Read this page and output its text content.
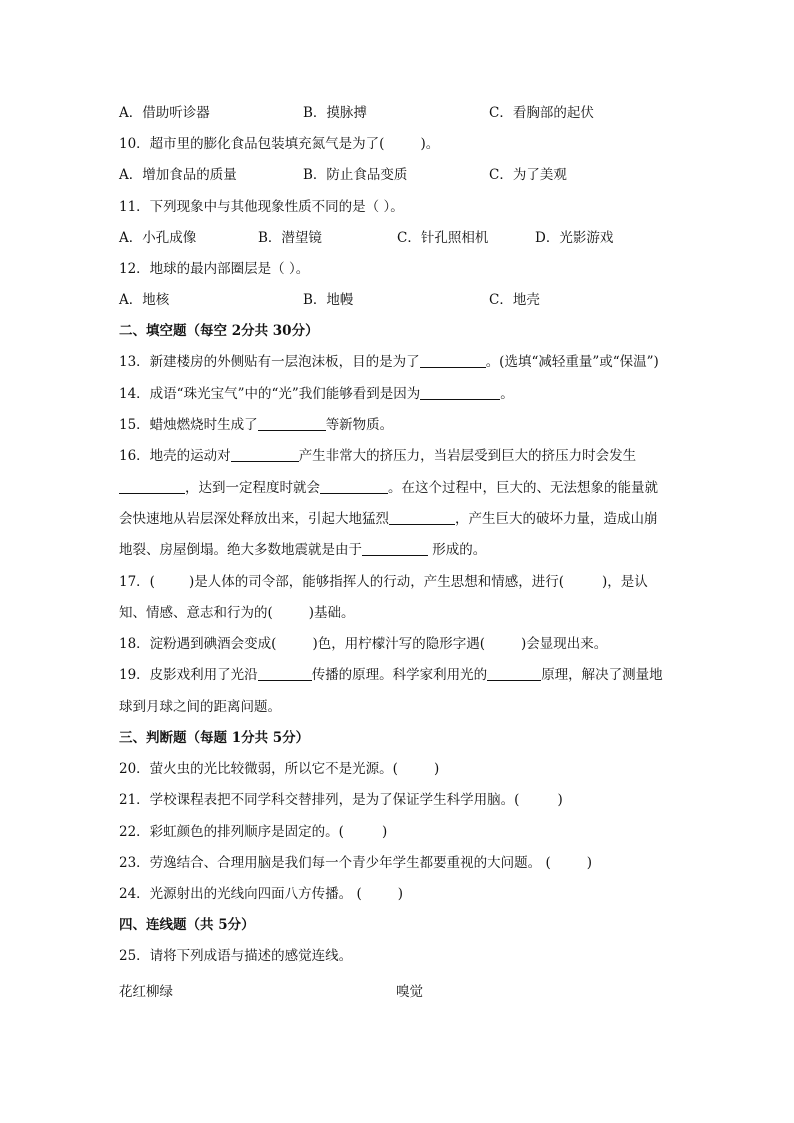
A．借助听诊器	B．摸脉搏	C．看胸部的起伏
10．超市里的膨化食品包装填充氮气是为了(	)。
A．增加食品的质量	B．防止食品变质	C．为了美观
11．下列现象中与其他现象性质不同的是（ ）。
A．小孔成像	B．潜望镜	C．针孔照相机	D．光影游戏
12．地球的最内部圈层是（ ）。
A．地核	B．地幔	C．地壳
二、填空题（每空 2分共 30分）
13．新建楼房的外侧贴有一层泡沫板，目的是为了	。(选填“减轻重量”或“保温”)
14．成语“珠光宝气”中的“光”我们能够看到是因为	。
15．蜡烛燃烧时生成了	等新物质。
16．地壳的运动对	产生非常大的挤压力，当岩层受到巨大的挤压力时会发生
，达到一定程度时就会	。在这个过程中，巨大的、无法想象的能量就
会快速地从岩层深处释放出来，引起大地猛烈	，产生巨大的破坏力量，造成山崩
地裂、房屋倒塌。绝大多数地震就是由于	形成的。
17．(	)是人体的司令部，能够指挥人的行动，产生思想和情感，进行(	)，是认
知、情感、意志和行为的(	)基础。
18．淀粉遇到碘酒会变成(	)色，用柠檬汁写的隐形字遇(	)会显现出来。
19．皮影戏利用了光沿	传播的原理。科学家利用光的	原理，解决了测量地
球到月球之间的距离问题。
三、判断题（每题 1分共 5分）
20．萤火虫的光比较微弱，所以它不是光源。(	)
21．学校课程表把不同学科交替排列，是为了保证学生科学用脑。(	)
22．彩虹颜色的排列顺序是固定的。(	)
23．劳逸结合、合理用脑是我们每一个青少年学生都要重视的大问题。 (	)
24．光源射出的光线向四面八方传播。 (	)
四、连线题（共 5分）
25．请将下列成语与描述的感觉连线。
花红柳绿	嗅觉
